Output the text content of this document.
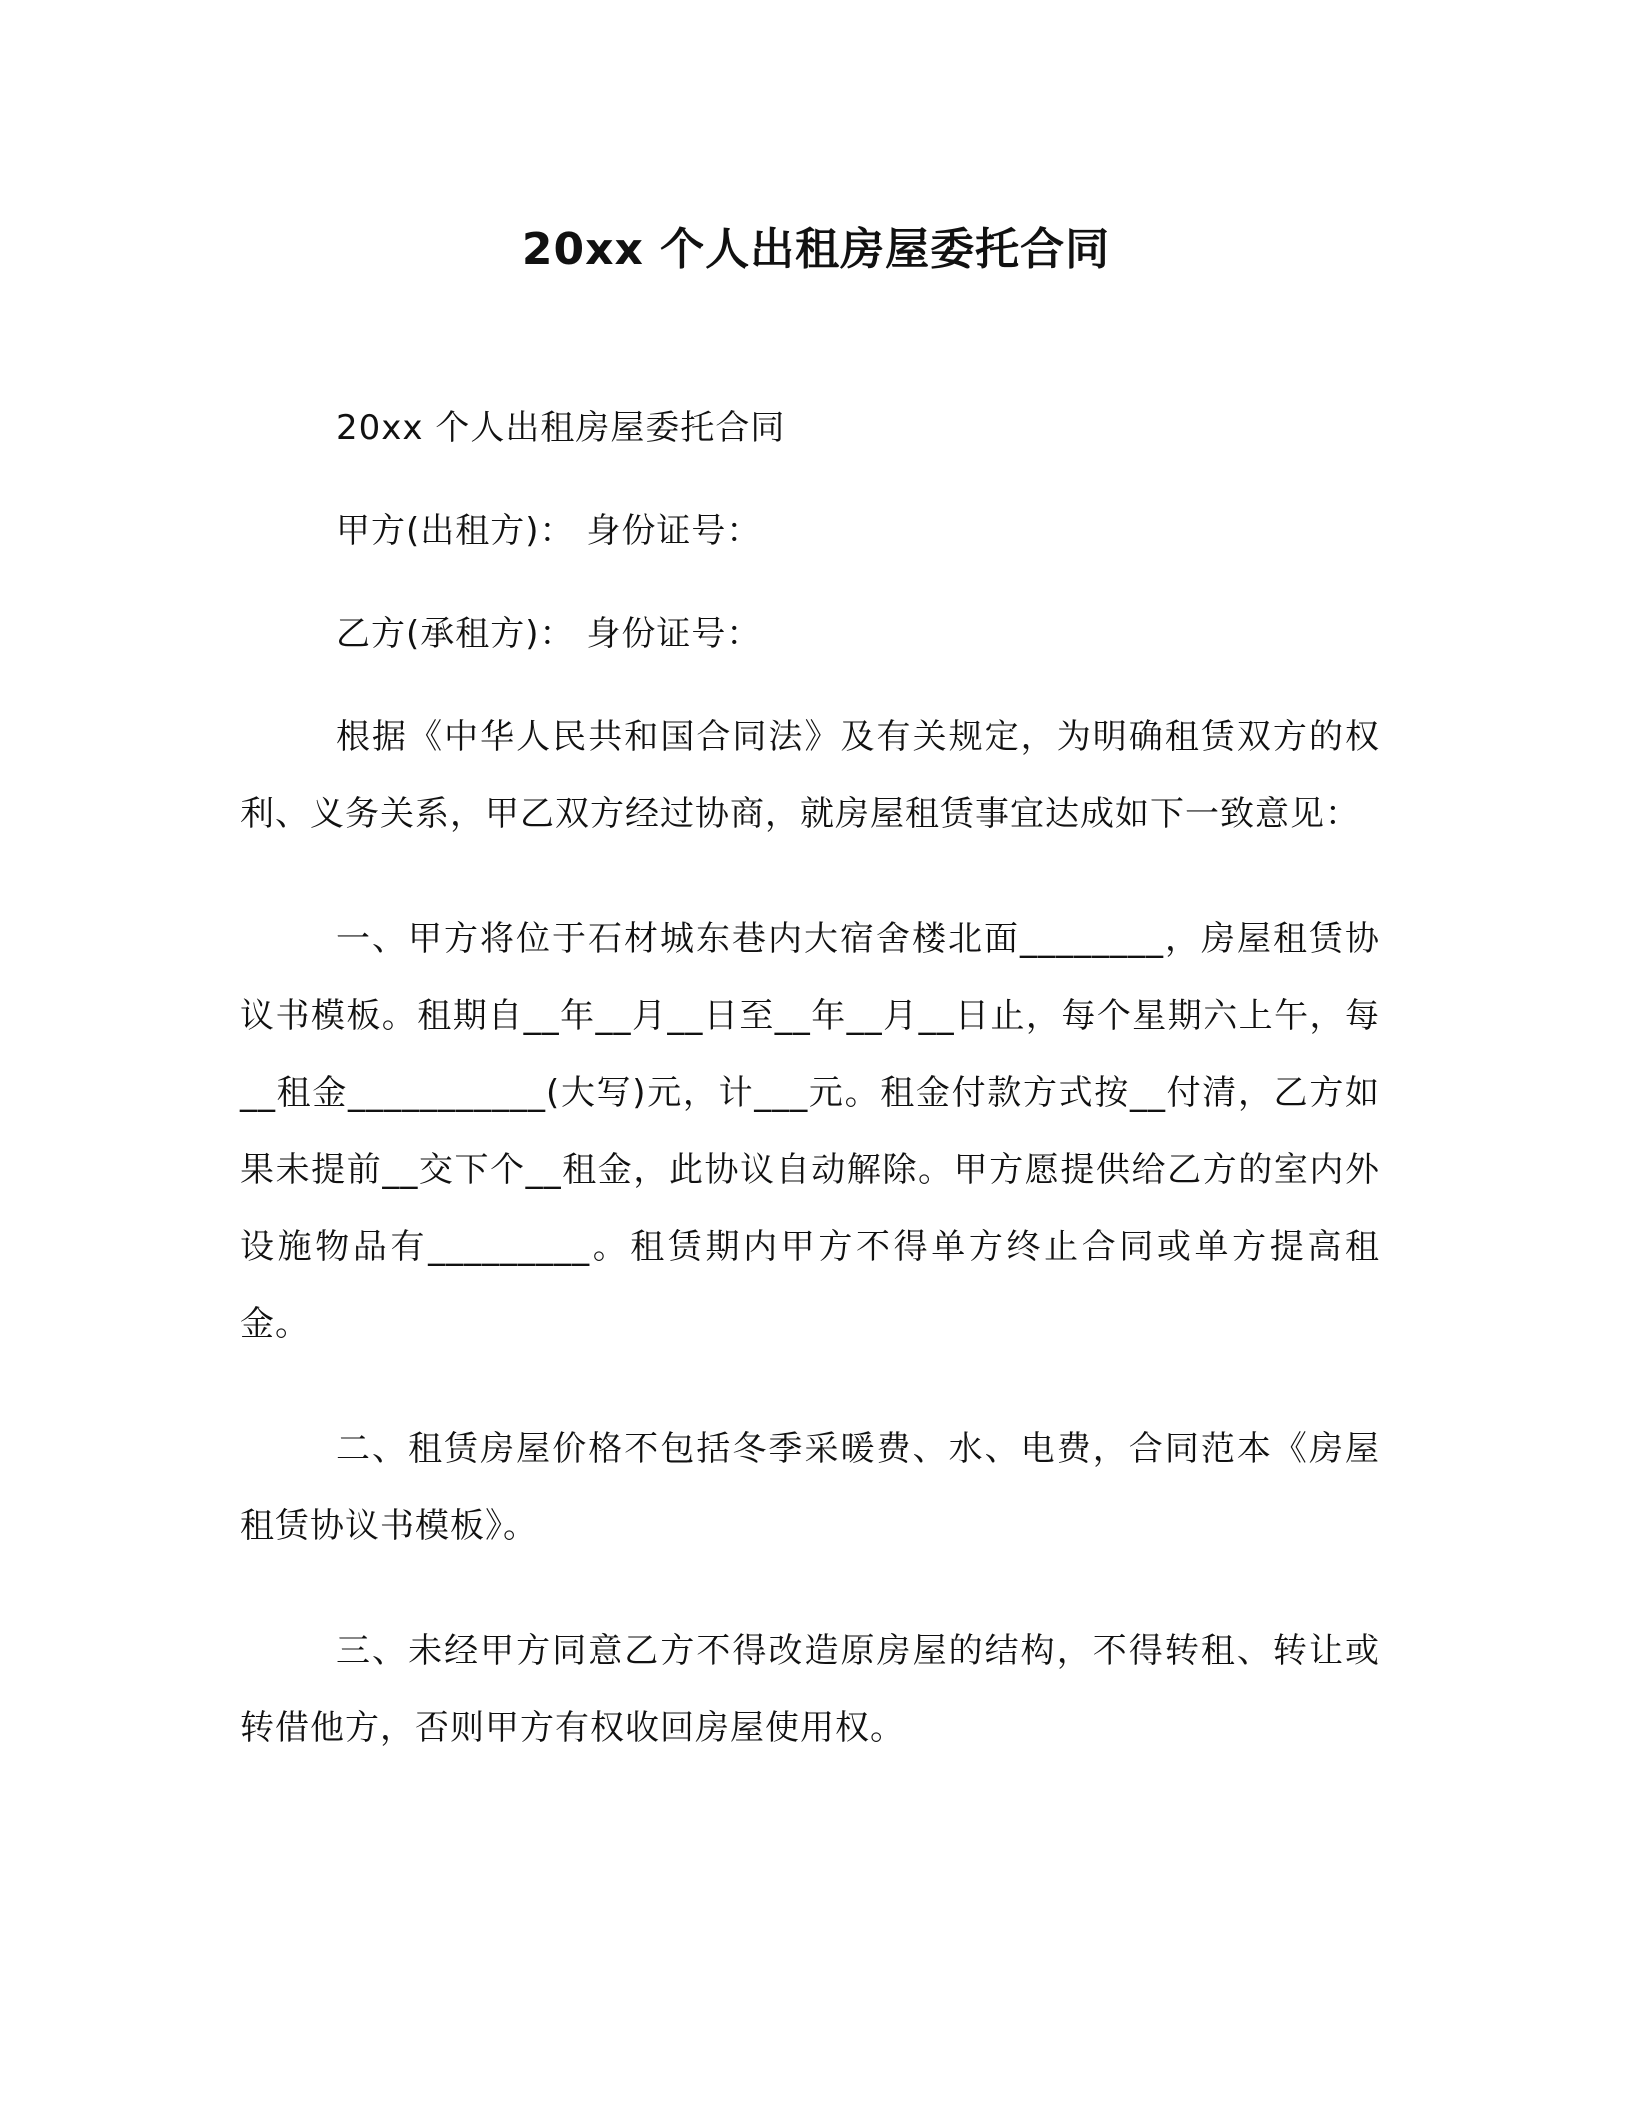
20xx 个人出租房屋委托合同

20xx 个人出租房屋委托合同

甲方(出租方)： 身份证号：

乙方(承租方)： 身份证号：

根据《中华人民共和国合同法》及有关规定，为明确租赁双方的权利、义务关系，甲乙双方经过协商，就房屋租赁事宜达成如下一致意见：

一、甲方将位于石材城东巷内大宿舍楼北面________，房屋租赁协议书模板。租期自__年__月__日至__年__月__日止，每个星期六上午，每__租金___________(大写)元，计___元。租金付款方式按__付清，乙方如果未提前__交下个__租金，此协议自动解除。甲方愿提供给乙方的室内外设施物品有_________。租赁期内甲方不得单方终止合同或单方提高租金。

二、租赁房屋价格不包括冬季采暖费、水、电费，合同范本《房屋租赁协议书模板》。

三、未经甲方同意乙方不得改造原房屋的结构，不得转租、转让或转借他方，否则甲方有权收回房屋使用权。
